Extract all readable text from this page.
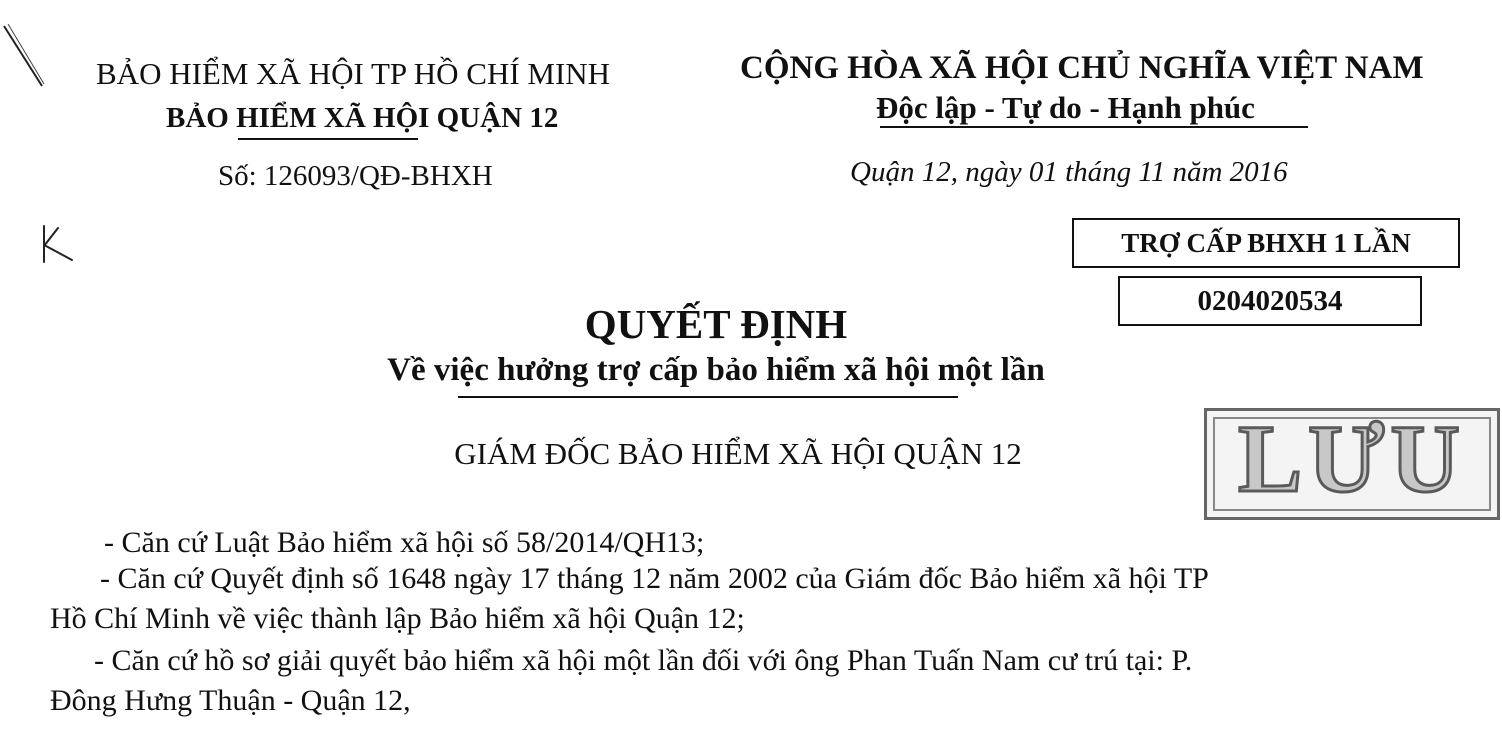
BẢO HIỂM XÃ HỘI TP HỒ CHÍ MINH
BẢO HIỂM XÃ HỘI QUẬN 12
Số: 126093/QĐ-BHXH
CỘNG HÒA XÃ HỘI CHỦ NGHĨA VIỆT NAM
Độc lập - Tự do - Hạnh phúc
Quận 12, ngày 01 tháng 11 năm 2016
TRỢ CẤP BHXH 1 LẦN
0204020534
QUYẾT ĐỊNH
Về việc hưởng trợ cấp bảo hiểm xã hội một lần
LƯU
GIÁM ĐỐC BẢO HIỂM XÃ HỘI QUẬN 12
- Căn cứ Luật Bảo hiểm xã hội số 58/2014/QH13;
- Căn cứ Quyết định số 1648 ngày 17 tháng 12 năm 2002 của Giám đốc Bảo hiểm xã hội TP
Hồ Chí Minh về việc thành lập Bảo hiểm xã hội Quận 12;
- Căn cứ hồ sơ giải quyết bảo hiểm xã hội một lần đối với ông Phan Tuấn Nam cư trú tại: P.
Đông Hưng Thuận - Quận 12,
